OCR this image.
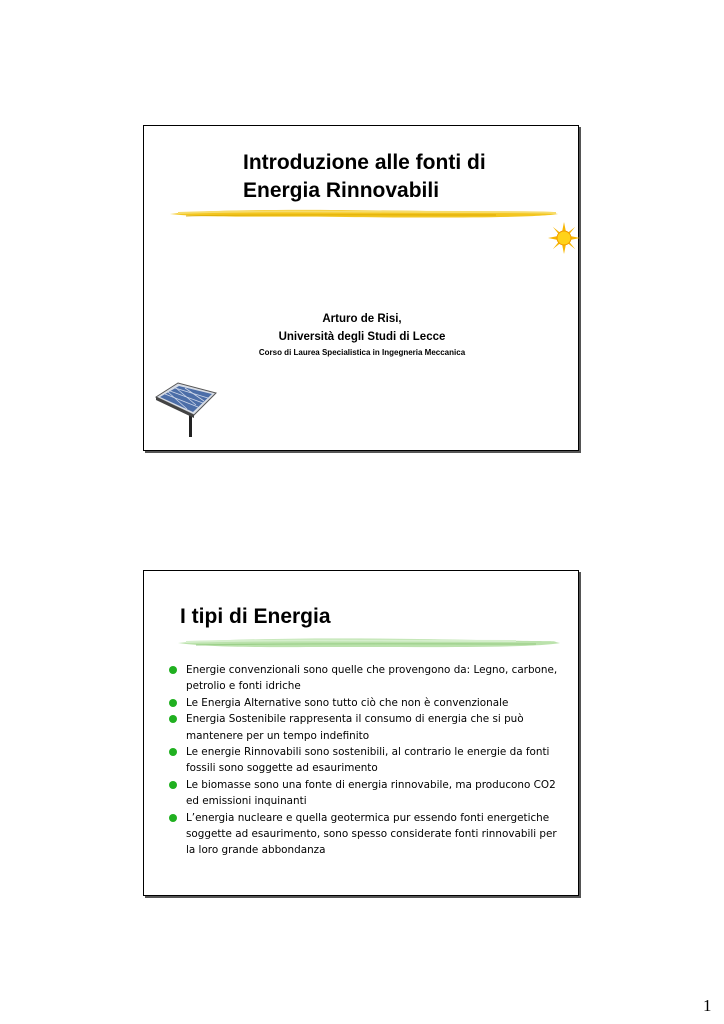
Introduzione alle fonti di
Energia Rinnovabili
Arturo de Risi,
Università degli Studi di Lecce
Corso di Laurea Specialistica in Ingegneria Meccanica
I tipi di Energia
Energie convenzionali sono quelle che provengono da: Legno, carbone, petrolio e fonti idriche
Le Energia Alternative sono tutto ciò che non è convenzionale
Energia Sostenibile rappresenta il consumo di energia che si può mantenere per un tempo indefinito
Le energie Rinnovabili sono sostenibili, al contrario le energie da fonti fossili sono soggette ad esaurimento
Le biomasse sono una fonte di energia rinnovabile, ma producono CO2 ed emissioni inquinanti
L’energia nucleare e quella geotermica pur essendo fonti energetiche soggette ad esaurimento, sono spesso considerate fonti rinnovabili per la loro grande abbondanza
1
